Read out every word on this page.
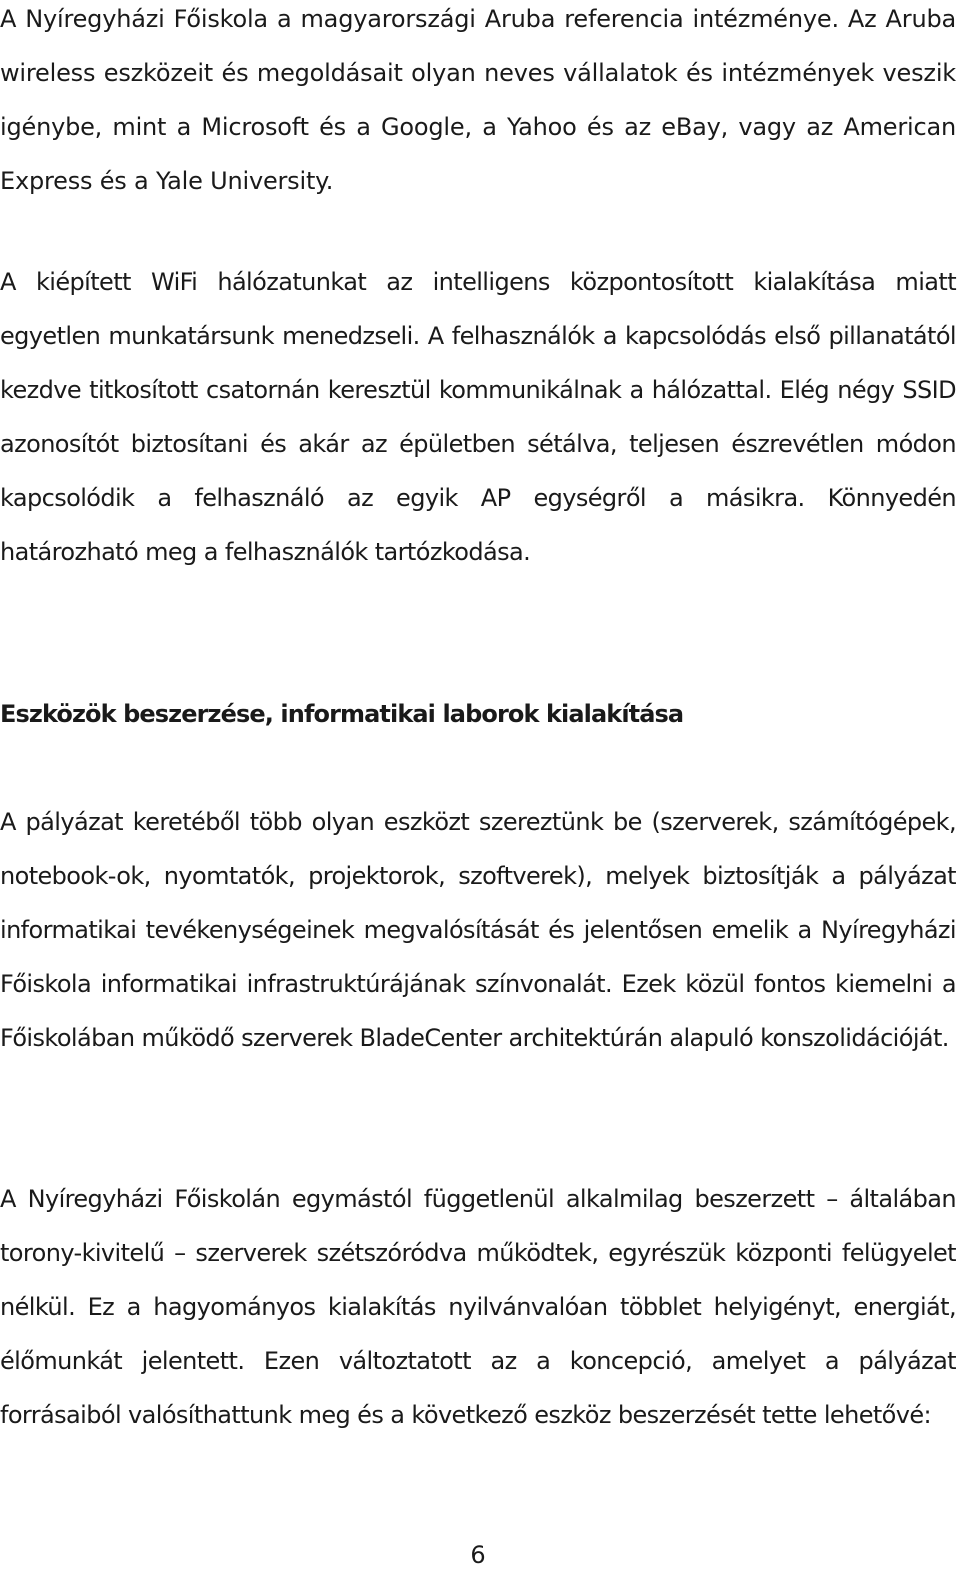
A Nyíregyházi Főiskola a magyarországi Aruba referencia intézménye. Az Aruba wireless eszközeit és megoldásait olyan neves vállalatok és intézmények veszik igénybe, mint a Microsoft és a Google, a Yahoo és az eBay, vagy az American Express és a Yale University.

A kiépített WiFi hálózatunkat az intelligens központosított kialakítása miatt egyetlen munkatársunk menedzseli. A felhasználók a kapcsolódás első pillanatától kezdve titkosított csatornán keresztül kommunikálnak a hálózattal. Elég négy SSID azonosítót biztosítani és akár az épületben sétálva, teljesen észrevétlen módon kapcsolódik a felhasználó az egyik AP egységről a másikra. Könnyedén határozható meg a felhasználók tartózkodása.

Eszközök beszerzése, informatikai laborok kialakítása

A pályázat keretéből több olyan eszközt szereztünk be (szerverek, számítógépek, notebook-ok, nyomtatók, projektorok, szoftverek), melyek biztosítják a pályázat informatikai tevékenységeinek megvalósítását és jelentősen emelik a Nyíregyházi Főiskola informatikai infrastruktúrájának színvonalát. Ezek közül fontos kiemelni a Főiskolában működő szerverek BladeCenter architektúrán alapuló konszolidációját.

A Nyíregyházi Főiskolán egymástól függetlenül alkalmilag beszerzett – általában torony-kivitelű – szerverek szétszóródva működtek, egyrészük központi felügyelet nélkül. Ez a hagyományos kialakítás nyilvánvalóan többlet helyigényt, energiát, élőmunkát jelentett. Ezen változtatott az a koncepció, amelyet a pályázat forrásaiból valósíthattunk meg és a következő eszköz beszerzését tette lehetővé:

6
